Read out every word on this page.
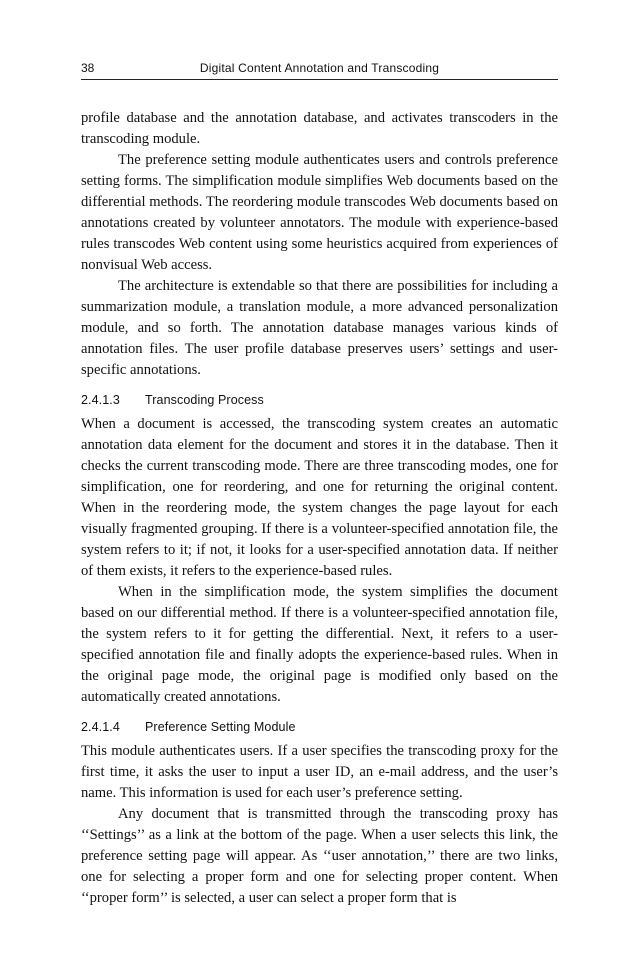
38	Digital Content Annotation and Transcoding

profile database and the annotation database, and activates transcoders in the transcoding module.

The preference setting module authenticates users and controls preference setting forms. The simplification module simplifies Web documents based on the differential methods. The reordering module transcodes Web documents based on annotations created by volunteer annotators. The module with experience-based rules transcodes Web content using some heuristics acquired from experiences of nonvisual Web access.

The architecture is extendable so that there are possibilities for including a summarization module, a translation module, a more advanced personalization module, and so forth. The annotation database manages various kinds of annotation files. The user profile database preserves users’ settings and user-specific annotations.

2.4.1.3 Transcoding Process

When a document is accessed, the transcoding system creates an automatic annotation data element for the document and stores it in the database. Then it checks the current transcoding mode. There are three transcoding modes, one for simplification, one for reordering, and one for returning the original content. When in the reordering mode, the system changes the page layout for each visually fragmented grouping. If there is a volunteer-specified annotation file, the system refers to it; if not, it looks for a user-specified annotation data. If neither of them exists, it refers to the experience-based rules.

When in the simplification mode, the system simplifies the document based on our differential method. If there is a volunteer-specified annotation file, the system refers to it for getting the differential. Next, it refers to a user-specified annotation file and finally adopts the experience-based rules. When in the original page mode, the original page is modified only based on the automatically created annotations.

2.4.1.4 Preference Setting Module

This module authenticates users. If a user specifies the transcoding proxy for the first time, it asks the user to input a user ID, an e-mail address, and the user’s name. This information is used for each user’s preference setting.

Any document that is transmitted through the transcoding proxy has ‘‘Settings’’ as a link at the bottom of the page. When a user selects this link, the preference setting page will appear. As ‘‘user annotation,’’ there are two links, one for selecting a proper form and one for selecting proper content. When ‘‘proper form’’ is selected, a user can select a proper form that is
